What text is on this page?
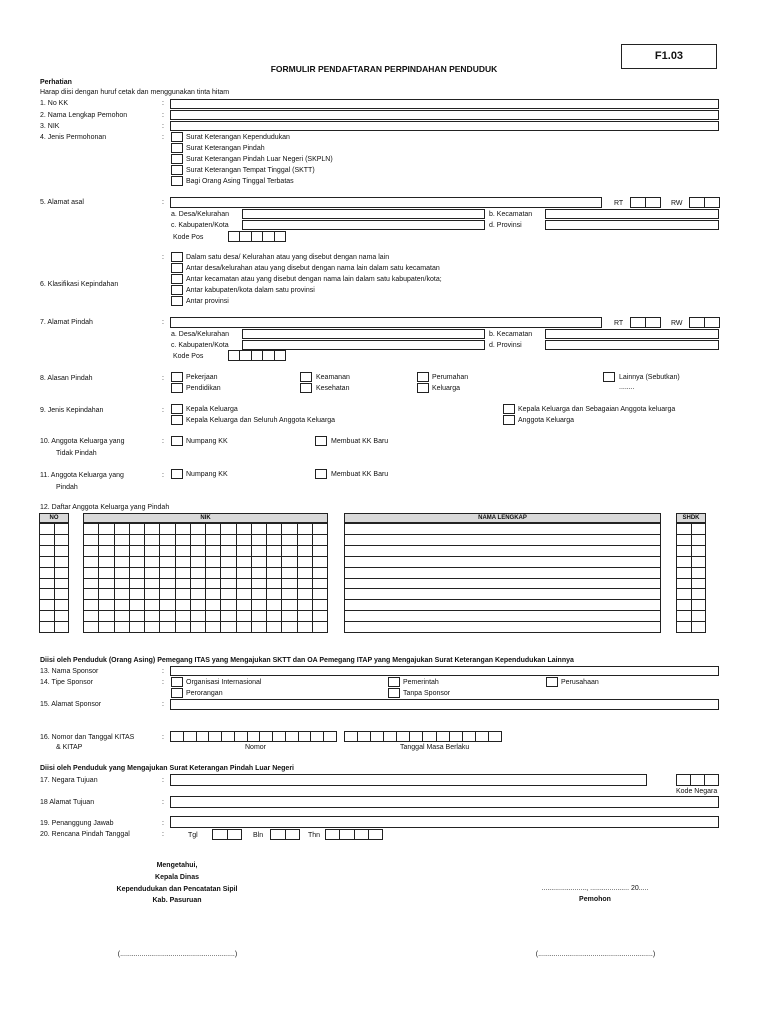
F1.03
FORMULIR PENDAFTARAN PERPINDAHAN PENDUDUK
Perhatian
Harap diisi dengan huruf cetak dan menggunakan tinta hitam
1. No KK	:
2. Nama Lengkap Pemohon	:
3. NIK	:
4. Jenis Permohonan	:	Surat Keterangan Kependudukan
Surat Keterangan Pindah
Surat Keterangan Pindah Luar Negeri (SKPLN)
Surat Keterangan Tempat Tinggal (SKTT)
Bagi Orang Asing Tinggal Terbatas
5. Alamat asal	:	RT	RW
a. Desa/Kelurahan	b. Kecamatan
c. Kabupaten/Kota	d. Provinsi
Kode Pos
6. Klasifikasi Kepindahan
:	Dalam satu desa/ Kelurahan atau yang disebut dengan nama lain
Antar desa/kelurahan atau yang disebut dengan nama lain dalam satu kecamatan
Antar kecamatan atau yang disebut dengan nama lain dalam satu kabupaten/kota;
Antar kabupaten/kota dalam satu provinsi
Antar provinsi
7. Alamat Pindah	:	RT	RW
a. Desa/Kelurahan	b. Kecamatan
c. Kabupaten/Kota	d. Provinsi
Kode Pos
8. Alasan Pindah	:	Pekerjaan
Pendidikan
Keamanan
Kesehatan
Perumahan
Keluarga
Lainnya (Sebutkan)
........
9. Jenis Kepindahan	:	Kepala Keluarga
Kepala Keluarga dan Seluruh Anggota Keluarga
Kepala Keluarga dan Sebagaian Anggota keluarga
Anggota Keluarga
10. Anggota Keluarga yang
Tidak Pindah
:	Numpang KK	Membuat KK Baru
11. Anggota Keluarga yang
Pindah
:	Numpang KK	Membuat KK Baru
12. Daftar Anggota Keluarga yang Pindah
NO	NIK	NAMA LENGKAP	SHDK
Diisi oleh Penduduk (Orang Asing) Pemegang ITAS yang Mengajukan SKTT dan OA Pemegang ITAP yang Mengajukan Surat Keterangan Kependudukan Lainnya
13. Nama Sponsor	:
14. Tipe Sponsor	:	Organisasi Internasional
Perorangan
Pemerintah
Tanpa Sponsor
Perusahaan
15. Alamat Sponsor	:
16. Nomor dan Tanggal KITAS
& KITAP
:
Nomor	Tanggal Masa Berlaku
Diisi oleh Penduduk yang Mengajukan Surat Keterangan Pindah Luar Negeri
17. Negara Tujuan	:
Kode Negara
18 Alamat Tujuan	:
19. Penanggung Jawab	:
20. Rencana Pindah Tanggal	:	Tgl	Bln	Thn
Mengetahui,
Kepala Dinas
Kependudukan dan Pencatatan Sipil
Kab. Pasuruan
......................., .................... 20.....
Pemohon
(...........................................................)	(...........................................................)
